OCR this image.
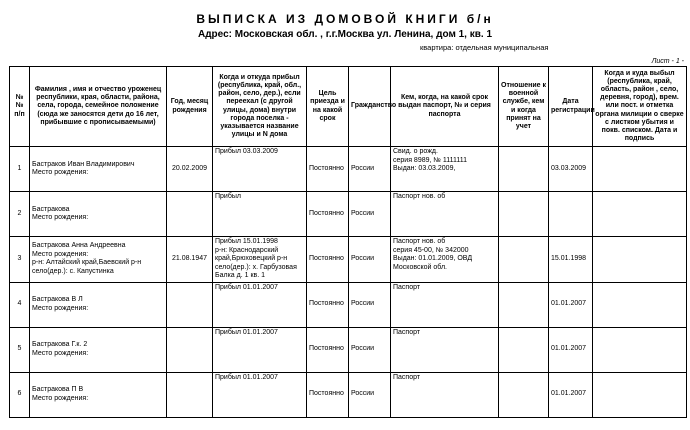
ВЫПИСКА ИЗ ДОМОВОЙ КНИГИ б/н
Адрес: Московская обл. , г.г.Москва ул. Ленина, дом 1, кв. 1
квартира: отдельная муниципальная
Лист - 1 -
№ № п/п	Фамилия , имя и отчество уроженец республики, края, области, района, села, города, семейное положение (сюда же заносятся дети до 16 лет, прибывшие с прописываемыми)	Год, месяц рождения	Когда и откуда прибыл (республика, край, обл., район, село, дер.), если переехал (с другой улицы, дома) внутри города поселка - указывается название улицы и N дома	Цель приезда и на какой срок	Гражданство	Кем, когда, на какой срок выдан паспорт, № и серия паспорта	Отношение к военной службе, кем и когда принят на учет	Дата регистрации	Когда и куда выбыл (республика, край, область, район , село, деревня, город), врем. или пост. и отметка органа милиции о сверке с листком убытия и покв. списком. Дата и подпись
1	Бастраков Иван Владимирович
Место рождения:	20.02.2009	Прибыл 03.03.2009	Постоянно	России	Свид. о рожд.
серия 8989, № 1111111
Выдан: 03.03.2009,		03.03.2009	
2	Бастракова
Место рождения:		Прибыл	Постоянно	России	Паспорт нов. об			

3	Бастракова Анна Андреевна
Место рождения:
р-н: Алтайский край,Баевский р-н
село(дер.): с. Капустинка	21.08.1947	Прибыл 15.01.1998
р-н: Краснодарский
край,Брюховецкий р-н
село(дер.): х. Гарбузовая
Балка д. 1 кв. 1	Постоянно	России	Паспорт нов. об
серия 45-00, № 342000
Выдан: 01.01.2009, ОВД
Московской обл.		15.01.1998	
4	Бастракова В Л
Место рождения:		Прибыл 01.01.2007	Постоянно	России	Паспорт		01.01.2007	
5	Бастракова Г.к. 2
Место рождения:		Прибыл 01.01.2007	Постоянно	России	Паспорт		01.01.2007	
6	Бастракова П В
Место рождения:		Прибыл 01.01.2007	Постоянно	России	Паспорт		01.01.2007	
